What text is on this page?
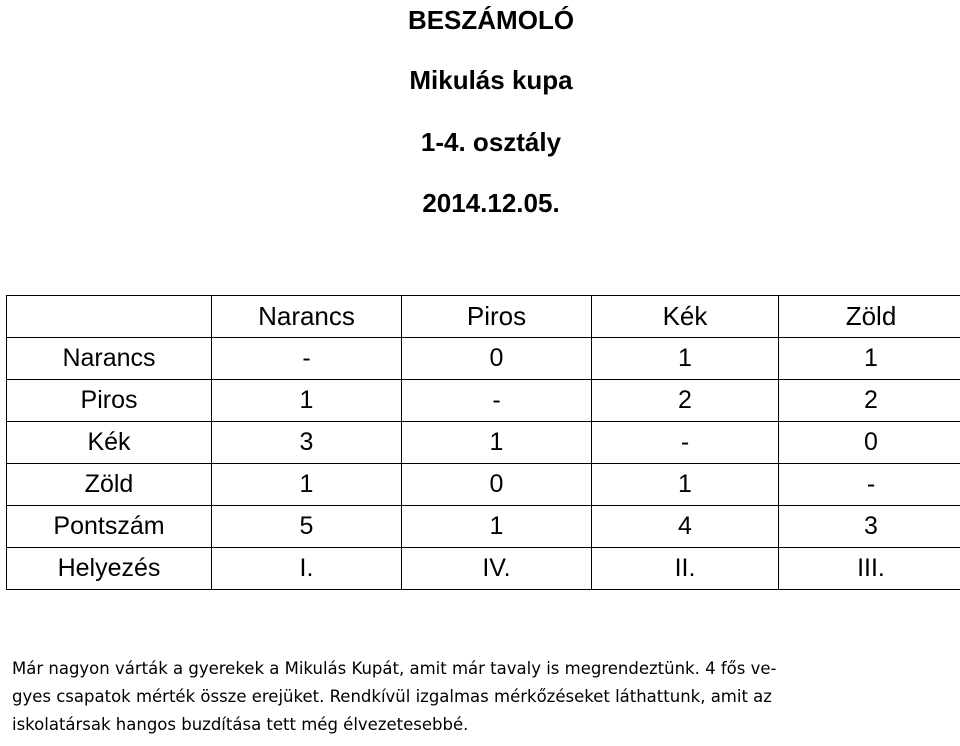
BESZÁMOLÓ
Mikulás kupa
1-4. osztály
2014.12.05.
	Narancs	Piros	Kék	Zöld
Narancs	-	0	1	1
Piros	1	-	2	2
Kék	3	1	-	0
Zöld	1	0	1	-
Pontszám	5	1	4	3
Helyezés	I.	IV.	II.	III.
Már nagyon várták a gyerekek a Mikulás Kupát, amit már tavaly is megrendeztünk. 4 fős ve-
gyes csapatok mérték össze erejüket. Rendkívül izgalmas mérkőzéseket láthattunk, amit az
iskolatársak hangos buzdítása tett még élvezetesebbé.
